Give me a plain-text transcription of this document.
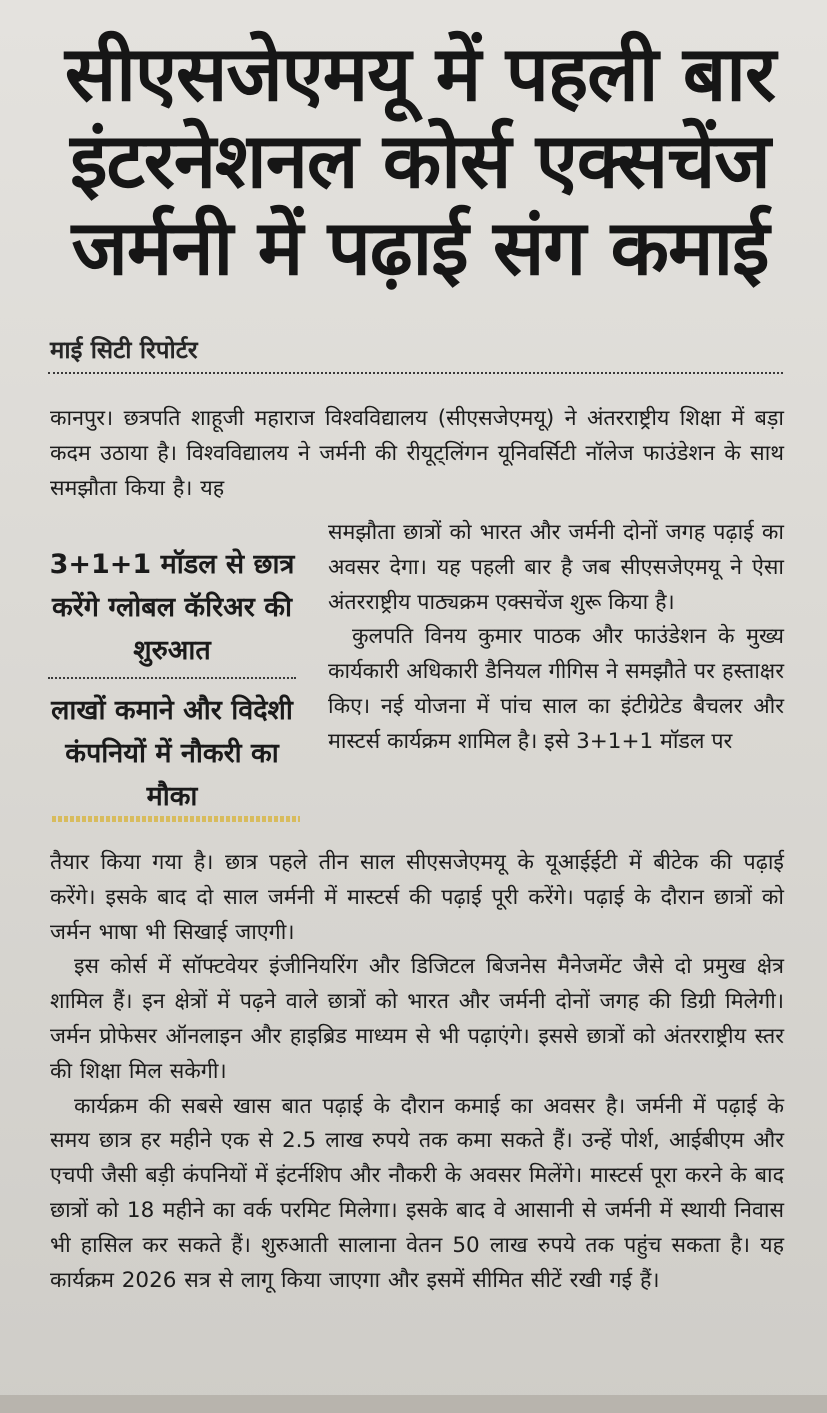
सीएसजेएमयू में पहली बार
इंटरनेशनल कोर्स एक्सचेंज
जर्मनी में पढ़ाई संग कमाई
माई सिटी रिपोर्टर

कानपुर। छत्रपति शाहूजी महाराज विश्वविद्यालय (सीएसजेएमयू) ने अंतरराष्ट्रीय शिक्षा में बड़ा कदम उठाया है। विश्वविद्यालय ने जर्मनी की रीयूट्लिंगन यूनिवर्सिटी नॉलेज फाउंडेशन के साथ समझौता किया है। यह

3+1+1 मॉडल से छात्र करेंगे ग्लोबल कॅरिअर की शुरुआत
लाखों कमाने और विदेशी कंपनियों में नौकरी का मौका

समझौता छात्रों को भारत और जर्मनी दोनों जगह पढ़ाई का अवसर देगा। यह पहली बार है जब सीएसजेएमयू ने ऐसा अंतरराष्ट्रीय पाठ्यक्रम एक्सचेंज शुरू किया है।

कुलपति विनय कुमार पाठक और फाउंडेशन के मुख्य कार्यकारी अधिकारी डैनियल गीगिस ने समझौते पर हस्ताक्षर किए। नई योजना में पांच साल का इंटीग्रेटेड बैचलर और मास्टर्स कार्यक्रम शामिल है। इसे 3+1+1 मॉडल पर

तैयार किया गया है। छात्र पहले तीन साल सीएसजेएमयू के यूआईईटी में बीटेक की पढ़ाई करेंगे। इसके बाद दो साल जर्मनी में मास्टर्स की पढ़ाई पूरी करेंगे। पढ़ाई के दौरान छात्रों को जर्मन भाषा भी सिखाई जाएगी।

इस कोर्स में सॉफ्टवेयर इंजीनियरिंग और डिजिटल बिजनेस मैनेजमेंट जैसे दो प्रमुख क्षेत्र शामिल हैं। इन क्षेत्रों में पढ़ने वाले छात्रों को भारत और जर्मनी दोनों जगह की डिग्री मिलेगी। जर्मन प्रोफेसर ऑनलाइन और हाइब्रिड माध्यम से भी पढ़ाएंगे। इससे छात्रों को अंतरराष्ट्रीय स्तर की शिक्षा मिल सकेगी।

कार्यक्रम की सबसे खास बात पढ़ाई के दौरान कमाई का अवसर है। जर्मनी में पढ़ाई के समय छात्र हर महीने एक से 2.5 लाख रुपये तक कमा सकते हैं। उन्हें पोर्श, आईबीएम और एचपी जैसी बड़ी कंपनियों में इंटर्नशिप और नौकरी के अवसर मिलेंगे। मास्टर्स पूरा करने के बाद छात्रों को 18 महीने का वर्क परमिट मिलेगा। इसके बाद वे आसानी से जर्मनी में स्थायी निवास भी हासिल कर सकते हैं। शुरुआती सालाना वेतन 50 लाख रुपये तक पहुंच सकता है। यह कार्यक्रम 2026 सत्र से लागू किया जाएगा और इसमें सीमित सीटें रखी गई हैं।
